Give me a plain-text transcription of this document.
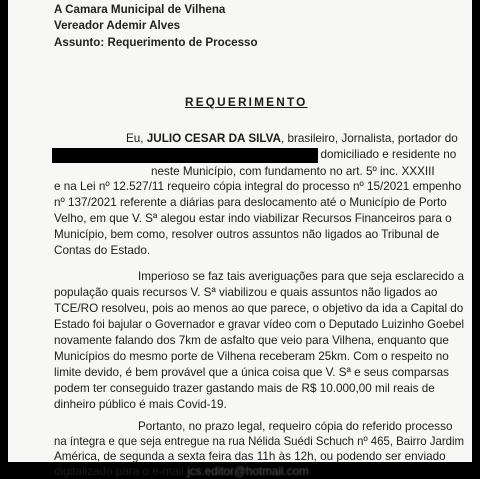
A Camara Municipal de Vilhena
Vereador Ademir Alves
Assunto: Requerimento de Processo
REQUERIMENTO
Eu, JULIO CESAR DA SILVA, brasileiro, Jornalista, portador do
, domiciliado e residente no
neste Município, com fundamento no art. 5º inc. XXXIII
e na Lei nº 12.527/11 requeiro cópia integral do processo nº 15/2021 empenho
nº 137/2021 referente a diárias para deslocamento até o Município de Porto
Velho, em que V. Sª alegou estar indo viabilizar Recursos Financeiros para o
Município, bem como, resolver outros assuntos não ligados ao Tribunal de
Contas do Estado.
Imperioso se faz tais averiguações para que seja esclarecido a
população quais recursos V. Sª viabilizou e quais assuntos não ligados ao
TCE/RO resolveu, pois ao menos ao que parece, o objetivo da ida a Capital do
Estado foi bajular o Governador e gravar vídeo com o Deputado Luizinho Goebel
novamente falando dos 7km de asfalto que veio para Vilhena, enquanto que
Municípios do mesmo porte de Vilhena receberam 25km. Com o respeito no
limite devido, é bem provável que a única coisa que V. Sª e seus comparsas
podem ter conseguido trazer gastando mais de R$ 10.000,00 mil reais de
dinheiro público é mais Covid-19.
Portanto, no prazo legal, requeiro cópia do referido processo
na íntegra e que seja entregue na rua Nélida Suédi Schuch nº 465, Bairro Jardim
América, de segunda a sexta feira das 11h às 12h, ou podendo ser enviado
digitalizado para o e-mail jcs.editor@hotmail.com
